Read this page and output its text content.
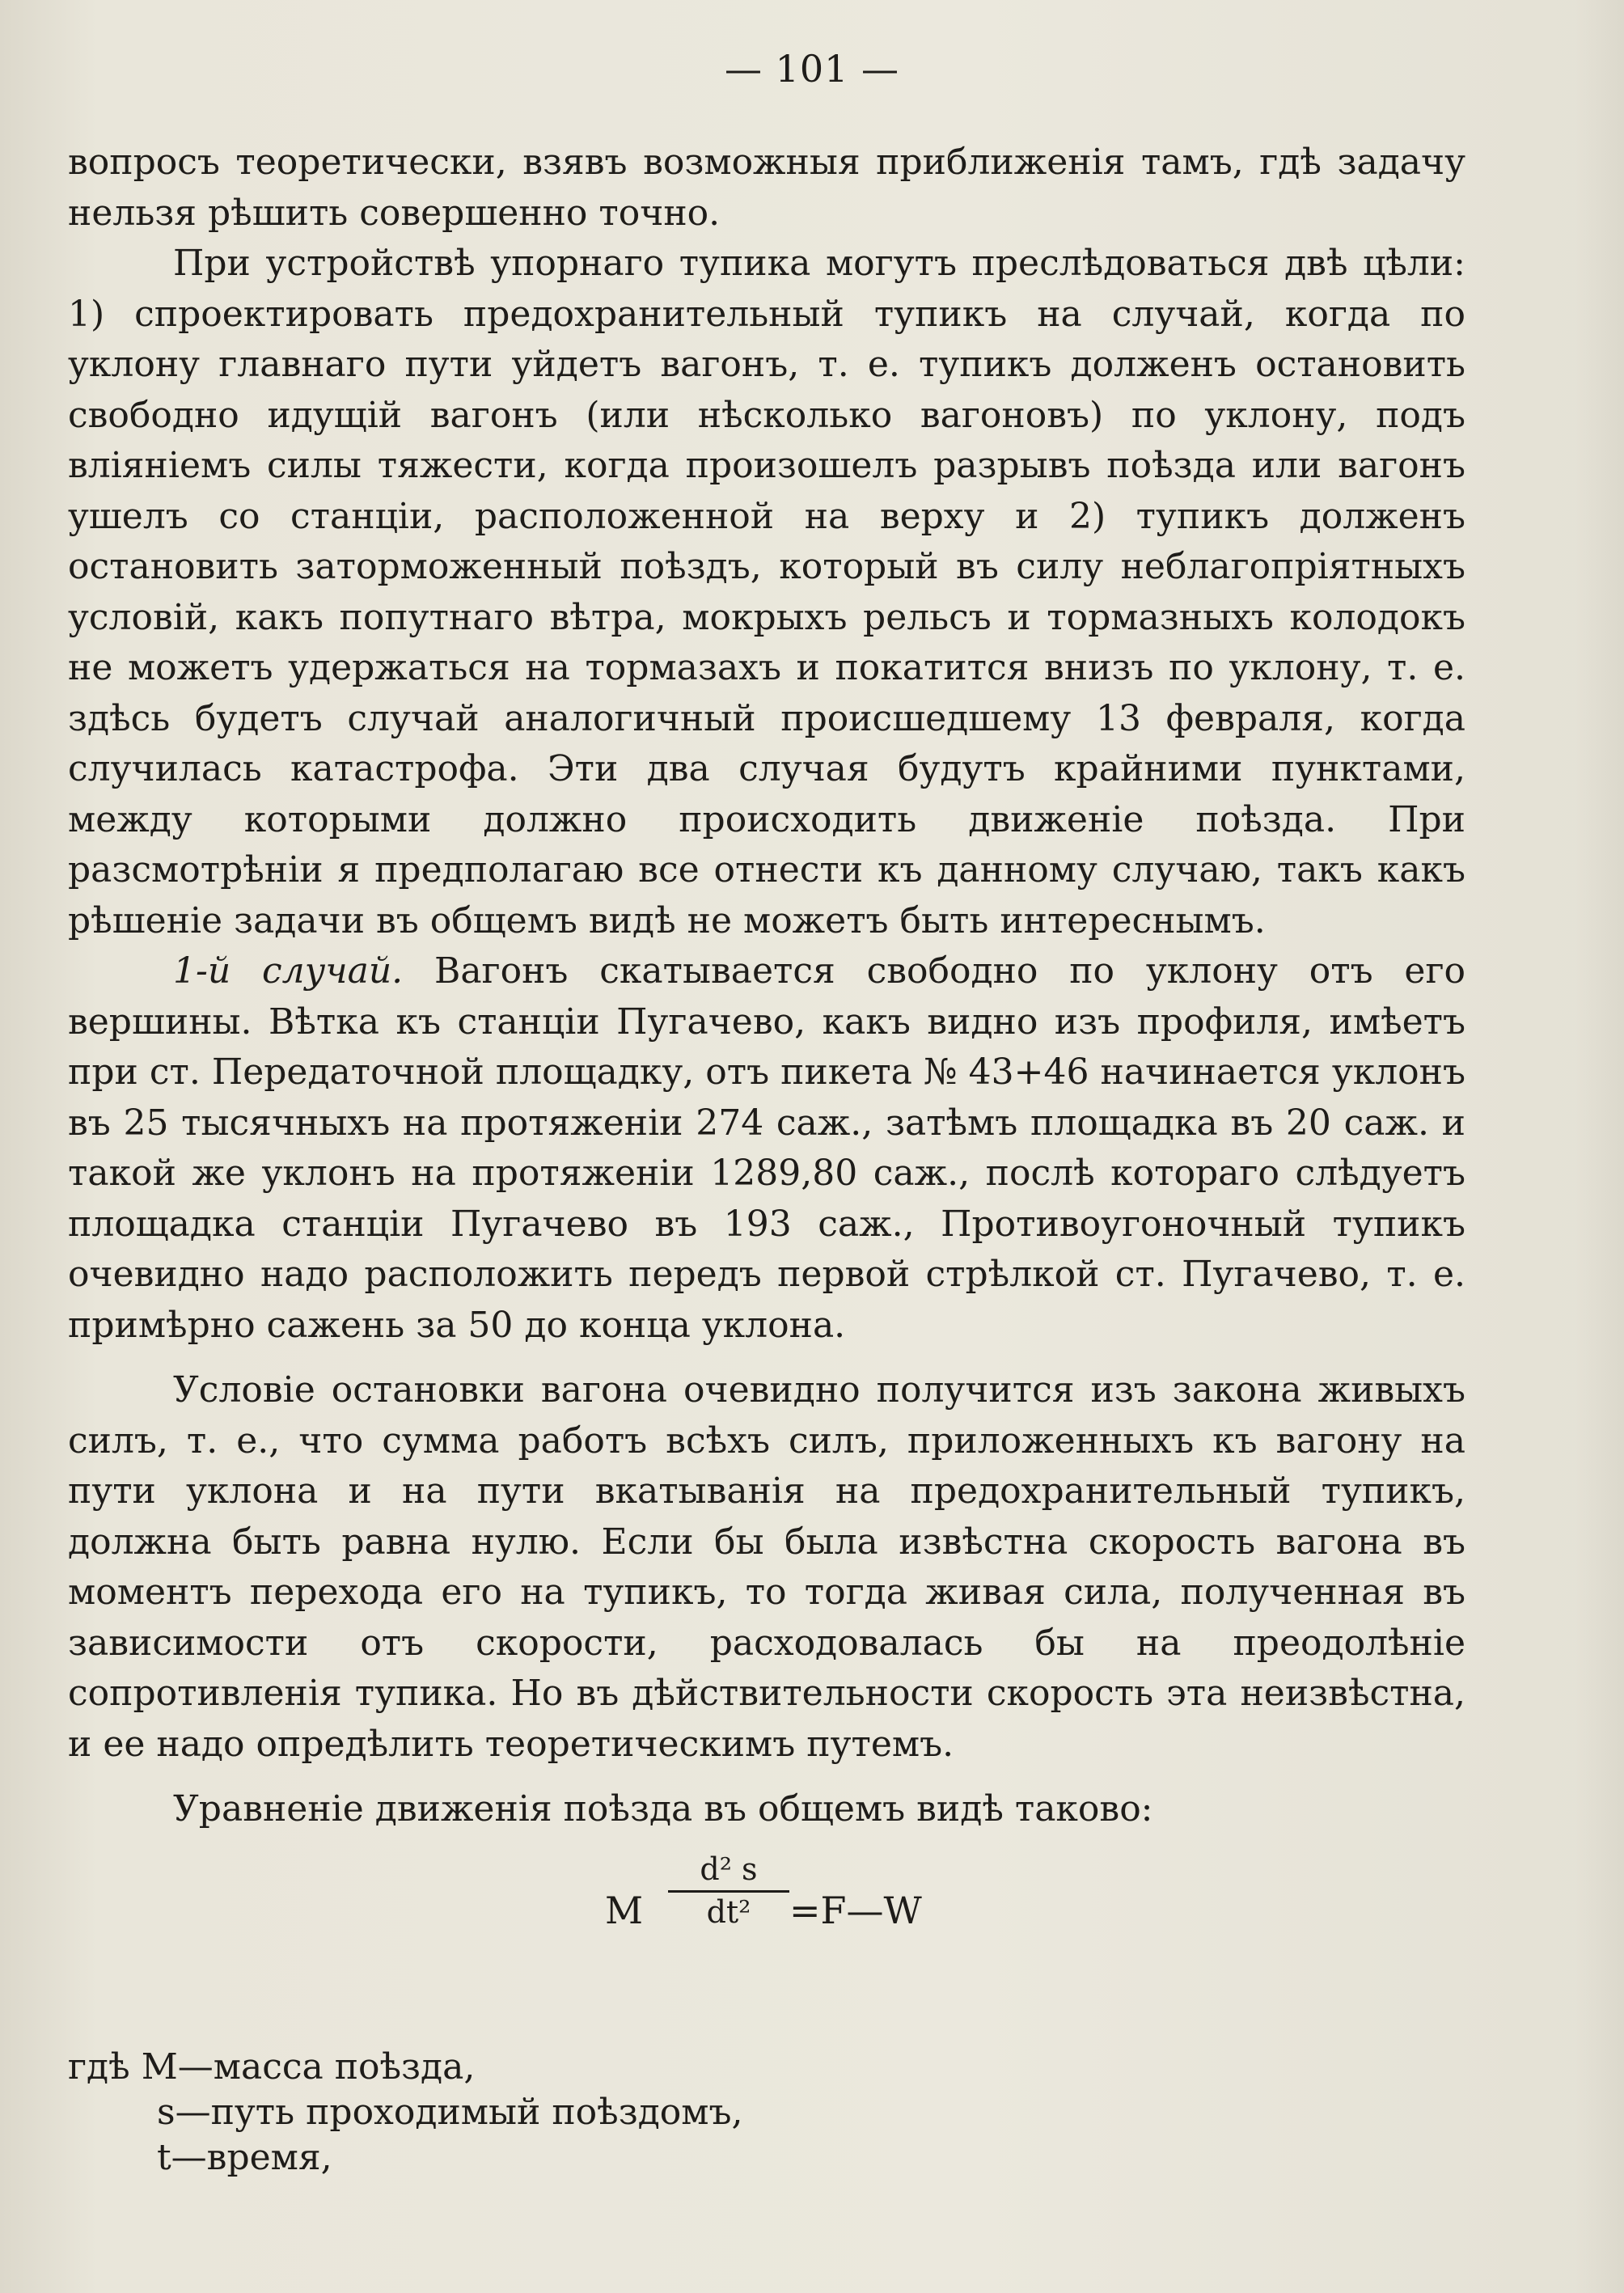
— 101 —

вопросъ теоретически, взявъ возможныя приближенія тамъ, гдѣ задачу нельзя рѣшить совершенно точно.

При устройствѣ упорнаго тупика могутъ преслѣдоваться двѣ цѣли: 1) спроектировать предохранительный тупикъ на случай, когда по уклону главнаго пути уйдетъ вагонъ, т. е. тупикъ долженъ остановить свободно идущій вагонъ (или нѣсколько вагоновъ) по уклону, подъ вліяніемъ силы тяжести, когда произошелъ разрывъ поѣзда или вагонъ ушелъ со станціи, расположенной на верху и 2) тупикъ долженъ остановить заторможенный поѣздъ, который въ силу неблагопріятныхъ условій, какъ попутнаго вѣтра, мокрыхъ рельсъ и тормазныхъ колодокъ не можетъ удержаться на тормазахъ и покатится внизъ по уклону, т. е. здѣсь будетъ случай аналогичный происшедшему 13 февраля, когда случилась катастрофа. Эти два случая будутъ крайними пунктами, между которыми должно происходить движеніе поѣзда. При разсмотрѣніи я предполагаю все отнести къ данному случаю, такъ какъ рѣшеніе задачи въ общемъ видѣ не можетъ быть интереснымъ.

1-й случай. Вагонъ скатывается свободно по уклону отъ его вершины. Вѣтка къ станціи Пугачево, какъ видно изъ профиля, имѣетъ при ст. Передаточной площадку, отъ пикета № 43+46 начинается уклонъ въ 25 тысячныхъ на протяженіи 274 саж., затѣмъ площадка въ 20 саж. и такой же уклонъ на протяженіи 1289,80 саж., послѣ котораго слѣдуетъ площадка станціи Пугачево въ 193 саж., Противоугоночный тупикъ очевидно надо расположить передъ первой стрѣлкой ст. Пугачево, т. е. примѣрно сажень за 50 до конца уклона.

Условіе остановки вагона очевидно получится изъ закона живыхъ силъ, т. е., что сумма работъ всѣхъ силъ, приложенныхъ къ вагону на пути уклона и на пути вкатыванія на предохранительный тупикъ, должна быть равна нулю. Если бы была извѣстна скорость вагона въ моментъ перехода его на тупикъ, то тогда живая сила, полученная въ зависимости отъ скорости, расходовалась бы на преодолѣніе сопротивленія тупика. Но въ дѣйствительности скорость эта неизвѣстна, и ее надо опредѣлить теоретическимъ путемъ.

Уравненіе движенія поѣзда въ общемъ видѣ таково:

M
d² s
dt²	=F—W
гдѣ M—масса поѣзда,
s—путь проходимый поѣздомъ,
t—время,
